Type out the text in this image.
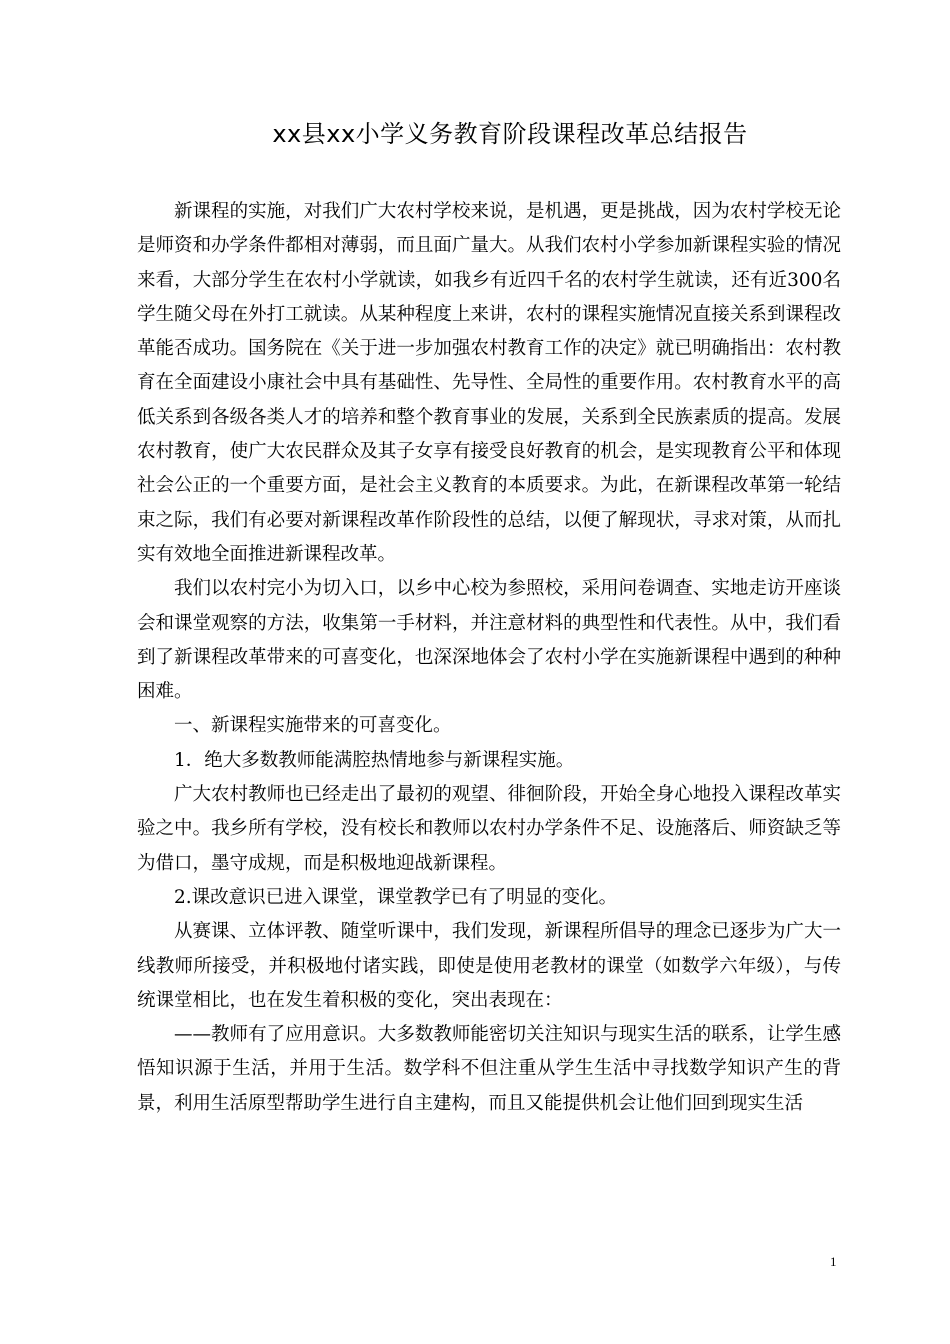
xx县xx小学义务教育阶段课程改革总结报告

新课程的实施，对我们广大农村学校来说，是机遇，更是挑战，因为农村学校无论是师资和办学条件都相对薄弱，而且面广量大。从我们农村小学参加新课程实验的情况来看，大部分学生在农村小学就读，如我乡有近四千名的农村学生就读，还有近300名学生随父母在外打工就读。从某种程度上来讲，农村的课程实施情况直接关系到课程改革能否成功。国务院在《关于进一步加强农村教育工作的决定》就已明确指出：农村教育在全面建设小康社会中具有基础性、先导性、全局性的重要作用。农村教育水平的高低关系到各级各类人才的培养和整个教育事业的发展，关系到全民族素质的提高。发展农村教育，使广大农民群众及其子女享有接受良好教育的机会，是实现教育公平和体现社会公正的一个重要方面，是社会主义教育的本质要求。为此，在新课程改革第一轮结束之际，我们有必要对新课程改革作阶段性的总结，以便了解现状，寻求对策，从而扎实有效地全面推进新课程改革。

我们以农村完小为切入口，以乡中心校为参照校，采用问卷调查、实地走访开座谈会和课堂观察的方法，收集第一手材料，并注意材料的典型性和代表性。从中，我们看到了新课程改革带来的可喜变化，也深深地体会了农村小学在实施新课程中遇到的种种困难。

一、新课程实施带来的可喜变化。

1．绝大多数教师能满腔热情地参与新课程实施。

广大农村教师也已经走出了最初的观望、徘徊阶段，开始全身心地投入课程改革实验之中。我乡所有学校，没有校长和教师以农村办学条件不足、设施落后、师资缺乏等为借口，墨守成规，而是积极地迎战新课程。

2.课改意识已进入课堂，课堂教学已有了明显的变化。

从赛课、立体评教、随堂听课中，我们发现，新课程所倡导的理念已逐步为广大一线教师所接受，并积极地付诸实践，即使是使用老教材的课堂（如数学六年级），与传统课堂相比，也在发生着积极的变化，突出表现在：

——教师有了应用意识。大多数教师能密切关注知识与现实生活的联系，让学生感悟知识源于生活，并用于生活。数学科不但注重从学生生活中寻找数学知识产生的背景，利用生活原型帮助学生进行自主建构，而且又能提供机会让他们回到现实生活

1
